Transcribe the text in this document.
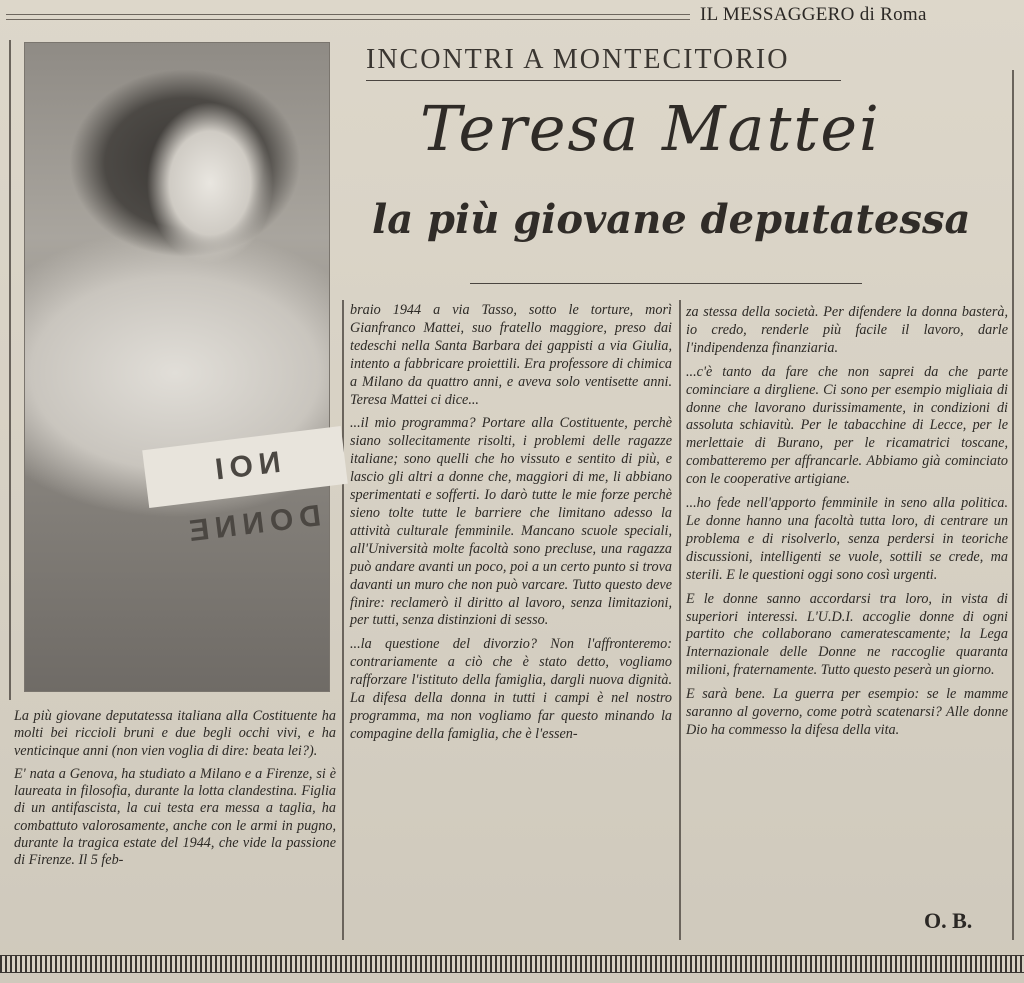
IL MESSAGGERO di Roma
NOI DONNE
INCONTRI A MONTECITORIO
Teresa Mattei
la più giovane deputatessa

La più giovane deputatessa italiana alla Costituente ha molti bei riccioli bruni e due begli occhi vivi, e ha venticinque anni (non vien voglia di dire: beata lei?).

E' nata a Genova, ha studiato a Milano e a Firenze, si è laureata in filosofia, durante la lotta clandestina. Figlia di un antifascista, la cui testa era messa a taglia, ha combattuto valorosamente, anche con le armi in pugno, durante la tragica estate del 1944, che vide la passione di Firenze. Il 5 feb-

braio 1944 a via Tasso, sotto le torture, morì Gianfranco Mattei, suo fratello maggiore, preso dai tedeschi nella Santa Barbara dei gappisti a via Giulia, intento a fabbricare proiettili. Era professore di chimica a Milano da quattro anni, e aveva solo ventisette anni. Teresa Mattei ci dice...

...il mio programma? Portare alla Costituente, perchè siano sollecitamente risolti, i problemi delle ragazze italiane; sono quelli che ho vissuto e sentito di più, e lascio gli altri a donne che, maggiori di me, li abbiano sperimentati e sofferti. Io darò tutte le mie forze perchè sieno tolte tutte le barriere che limitano adesso la attività culturale femminile. Mancano scuole speciali, all'Università molte facoltà sono precluse, una ragazza può andare avanti un poco, poi a un certo punto si trova davanti un muro che non può varcare. Tutto questo deve finire: reclamerò il diritto al lavoro, senza limitazioni, per tutti, senza distinzioni di sesso.

...la questione del divorzio? Non l'affronteremo: contrariamente a ciò che è stato detto, vogliamo rafforzare l'istituto della famiglia, dargli nuova dignità. La difesa della donna in tutti i campi è nel nostro programma, ma non vogliamo far questo minando la compagine della famiglia, che è l'essen-

za stessa della società. Per difendere la donna basterà, io credo, renderle più facile il lavoro, darle l'indipendenza finanziaria.

...c'è tanto da fare che non saprei da che parte cominciare a dirgliene. Ci sono per esempio migliaia di donne che lavorano durissimamente, in condizioni di assoluta schiavitù. Per le tabacchine di Lecce, per le merlettaie di Burano, per le ricamatrici toscane, combatteremo per affrancarle. Abbiamo già cominciato con le cooperative artigiane.

...ho fede nell'apporto femminile in seno alla politica. Le donne hanno una facoltà tutta loro, di centrare un problema e di risolverlo, senza perdersi in teoriche discussioni, intelligenti se vuole, sottili se crede, ma sterili. E le questioni oggi sono così urgenti.

E le donne sanno accordarsi tra loro, in vista di superiori interessi. L'U.D.I. accoglie donne di ogni partito che collaborano cameratescamente; la Lega Internazionale delle Donne ne raccoglie quaranta milioni, fraternamente. Tutto questo peserà un giorno.

E sarà bene. La guerra per esempio: se le mamme saranno al governo, come potrà scatenarsi? Alle donne Dio ha commesso la difesa della vita.

O. B.
